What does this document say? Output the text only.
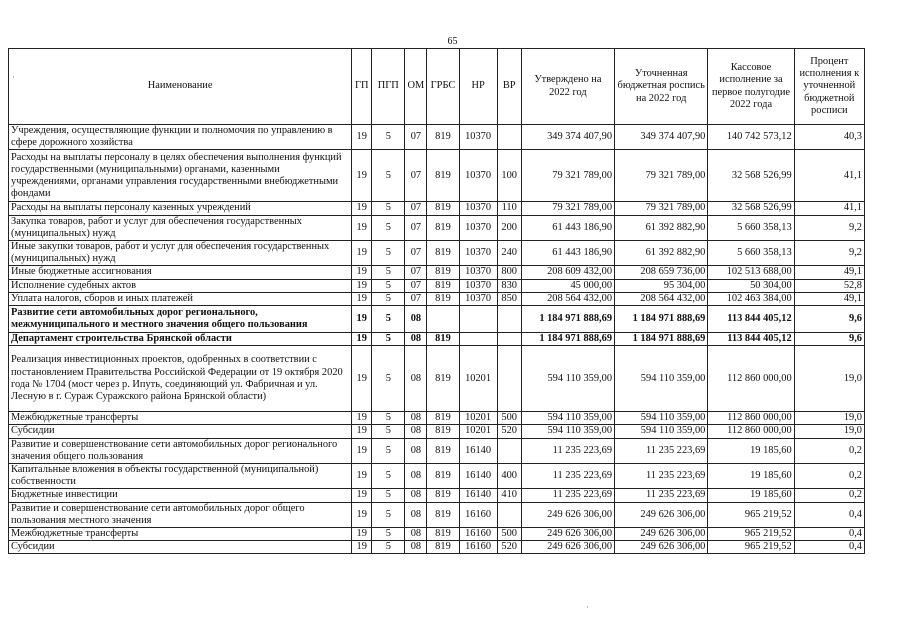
65
Наименование	ГП	ПГП	ОМ	ГРБС	НР	ВР	Утверждено на 2022 год	Уточненная бюджетная роспись на 2022 год	Кассовое исполнение за первое полугодие 2022 года	Процент исполнения к уточненной бюджетной росписи
Учреждения, осуществляющие функции и полномочия по управлению в сфере дорожного хозяйства	19	5	07	819	10370		349 374 407,90	349 374 407,90	140 742 573,12	40,3
Расходы на выплаты персоналу в целях обеспечения выполнения функций государственными (муниципальными) органами, казенными учреждениями, органами управления государственными внебюджетными фондами	19	5	07	819	10370	100	79 321 789,00	79 321 789,00	32 568 526,99	41,1
Расходы на выплаты персоналу казенных учреждений	19	5	07	819	10370	110	79 321 789,00	79 321 789,00	32 568 526,99	41,1
Закупка товаров, работ и услуг для обеспечения государственных (муниципальных) нужд	19	5	07	819	10370	200	61 443 186,90	61 392 882,90	5 660 358,13	9,2
Иные закупки товаров, работ и услуг для обеспечения государственных (муниципальных) нужд	19	5	07	819	10370	240	61 443 186,90	61 392 882,90	5 660 358,13	9,2
Иные бюджетные ассигнования	19	5	07	819	10370	800	208 609 432,00	208 659 736,00	102 513 688,00	49,1
Исполнение судебных актов	19	5	07	819	10370	830	45 000,00	95 304,00	50 304,00	52,8
Уплата налогов, сборов и иных платежей	19	5	07	819	10370	850	208 564 432,00	208 564 432,00	102 463 384,00	49,1
Развитие сети автомобильных дорог регионального, межмуниципального и местного значения общего пользования	19	5	08				1 184 971 888,69	1 184 971 888,69	113 844 405,12	9,6
Департамент строительства Брянской области	19	5	08	819			1 184 971 888,69	1 184 971 888,69	113 844 405,12	9,6
Реализация инвестиционных проектов, одобренных в соответствии с постановлением Правительства Российской Федерации от 19 октября 2020 года № 1704 (мост через р. Ипуть, соединяющий ул. Фабричная и ул. Лесную в г. Сураж Суражского района Брянской области)	19	5	08	819	10201		594 110 359,00	594 110 359,00	112 860 000,00	19,0
Межбюджетные трансферты	19	5	08	819	10201	500	594 110 359,00	594 110 359,00	112 860 000,00	19,0
Субсидии	19	5	08	819	10201	520	594 110 359,00	594 110 359,00	112 860 000,00	19,0
Развитие и совершенствование сети автомобильных дорог регионального значения общего пользования	19	5	08	819	16140		11 235 223,69	11 235 223,69	19 185,60	0,2
Капитальные вложения в объекты государственной (муниципальной) собственности	19	5	08	819	16140	400	11 235 223,69	11 235 223,69	19 185,60	0,2
Бюджетные инвестиции	19	5	08	819	16140	410	11 235 223,69	11 235 223,69	19 185,60	0,2
Развитие и совершенствование сети автомобильных дорог общего пользования местного значения	19	5	08	819	16160		249 626 306,00	249 626 306,00	965 219,52	0,4
Межбюджетные трансферты	19	5	08	819	16160	500	249 626 306,00	249 626 306,00	965 219,52	0,4
Субсидии	19	5	08	819	16160	520	249 626 306,00	249 626 306,00	965 219,52	0,4
·
·
